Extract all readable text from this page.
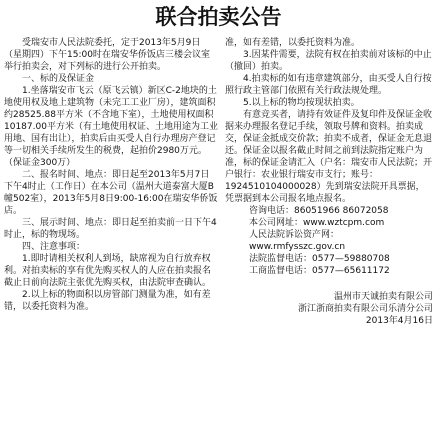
联合拍卖公告

受瑞安市人民法院委托，定于2013年5月9日（星期四）下午15:00时在瑞安华侨饭店三楼会议室举行拍卖会，对下列标的进行公开拍卖。

一、标的及保证金

1.坐落瑞安市飞云（原飞云镇）新区C-2地块的土地使用权及地上建筑物（未完工工业厂房），建筑面积约28525.88平方米（不含地下室），土地使用权面积10187.00平方米（有土地使用权证、土地用途为工业用地、国有出让），拍卖后由买受人自行办理房产登记等一切相关手续所发生的税费，起拍价2980万元。（保证金300万）

二、报名时间、地点：即日起至2013年5月7日下午4时止（工作日）在本公司（温州大道泰富大厦B幢502室），2013年5月8日9:00-16:00在瑞安华侨饭店。

三、展示时间、地点：即日起至拍卖前一日下午4时止，标的物现场。

四、注意事项：

1.即时请相关权利人到场，缺席视为自行放弃权利。对拍卖标的享有优先购买权人的人应在拍卖报名截止日前向法院主张优先购买权，由法院审查确认。

2.以上标的物面积以房管部门测量为准，如有差错，以委托资料为准。

准，如有差错，以委托资料为准。

3.因某件需要，法院有权在拍卖前对该标的中止（撤回）拍卖。

4.拍卖标的如有违章建筑部分，由买受人自行按照行政主管部门依照有关行政法规处理。

5.以上标的物均按现状拍卖。

有意竞买者，请持有效证件及复印件及保证金收据来办理报名登记手续，领取号牌和资料。拍卖成交，保证金抵成交价款；拍卖不成者，保证金无息退还。保证金以报名截止时间之前到法院指定账户为准，标的保证金请汇入（户名：瑞安市人民法院；开户银行：农业银行瑞安市支行；账号：1924510104000028）先到瑞安法院开具票据，凭票据到本公司报名地点报名。

咨询电话：86051966 86072058

本公司网址：www.wztcpm.com

人民法院诉讼资产网：

www.rmfysszc.gov.cn

法院监督电话：0577—59880708

工商监督电话：0577—65611172

温州市天诚拍卖有限公司
浙江浙商拍卖有限公司乐清分公司
2013年4月16日
